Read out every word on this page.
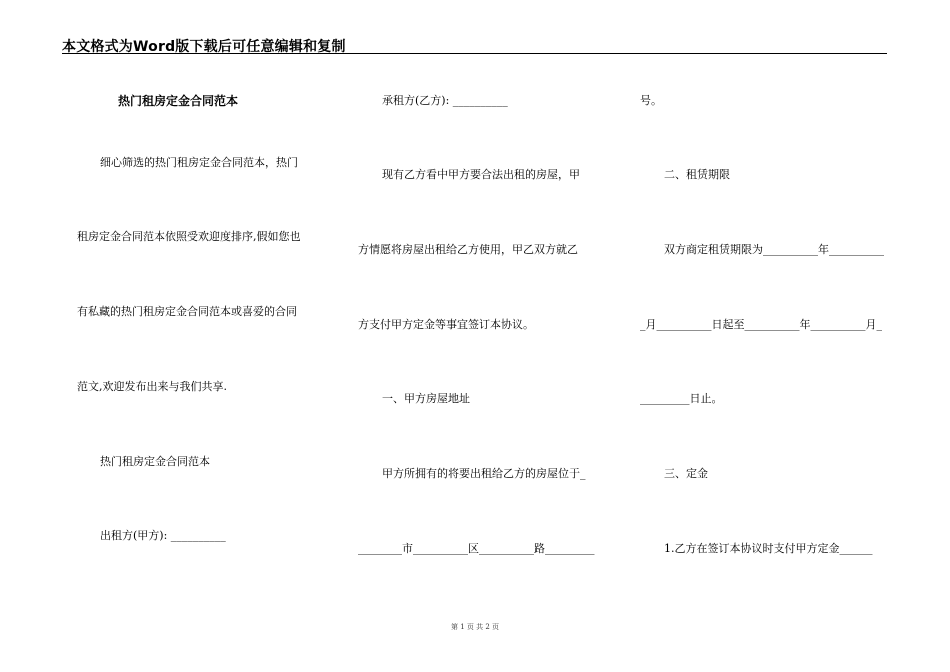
本文格式为Word版下载后可任意编辑和复制
热门租房定金合同范本
细心筛选的热门租房定金合同范本，热门
租房定金合同范本依照受欢迎度排序,假如您也
有私藏的热门租房定金合同范本或喜爱的合同
范文,欢迎发布出来与我们共享.
热门租房定金合同范本
出租方(甲方): __________
承租方(乙方): __________
现有乙方看中甲方要合法出租的房屋，甲
方情愿将房屋出租给乙方使用，甲乙双方就乙
方支付甲方定金等事宜签订本协议。
一、甲方房屋地址
甲方所拥有的将要出租给乙方的房屋位于_
________市__________区__________路_________
号。
二、租赁期限
双方商定租赁期限为__________年__________
_月__________日起至__________年__________月_
_________日止。
三、定金
1.乙方在签订本协议时支付甲方定金______
第 1 页 共 2 页
